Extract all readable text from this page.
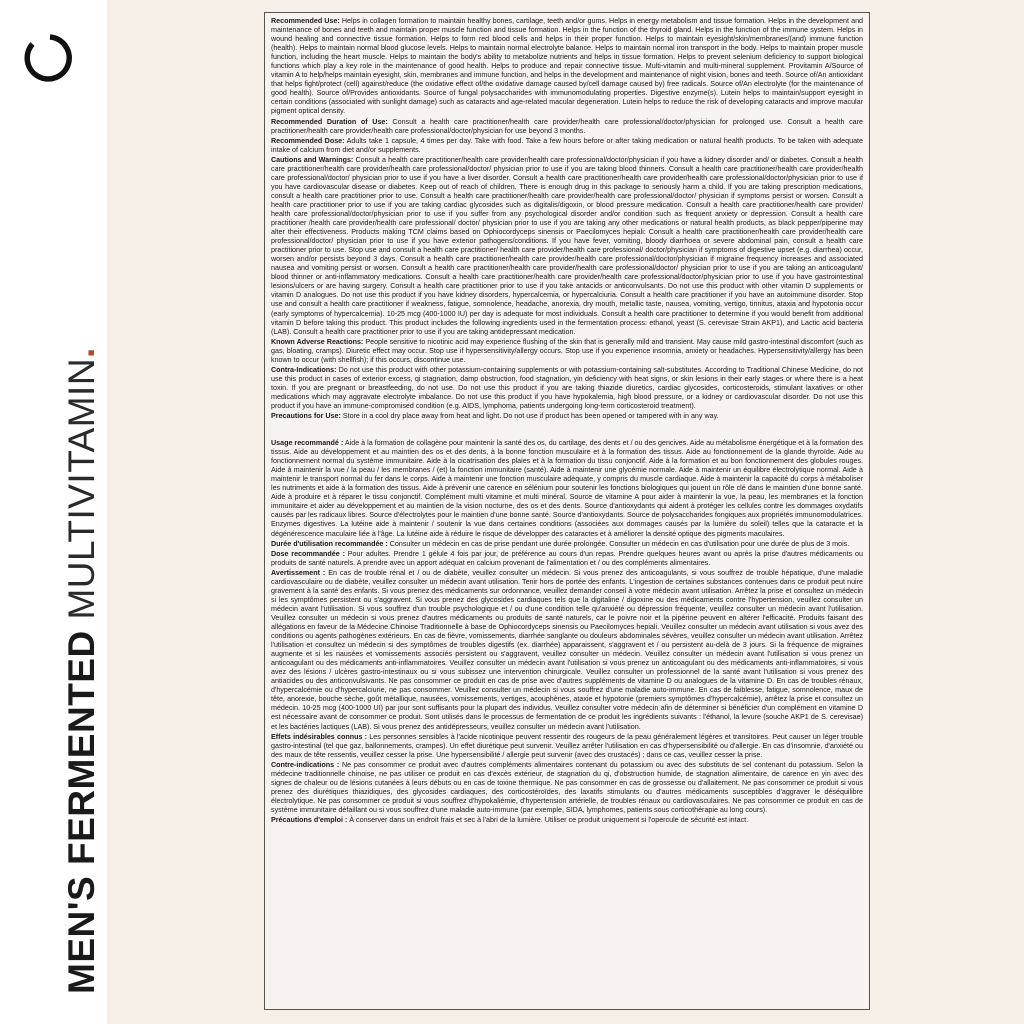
MEN'S FERMENTED MULTIVITAMIN.

Recommended Use: Helps in collagen formation to maintain healthy bones, cartilage, teeth and/or gums. Helps in energy metabolism and tissue formation. Helps in the development and maintenance of bones and teeth and maintain proper muscle function and tissue formation. Helps in the function of the thyroid gland. Helps in the function of the immune system. Helps in wound healing and connective tissue formation. Helps to form red blood cells and helps in their proper function. Helps to maintain eyesight/skin/membranes/(and) immune function (health). Helps to maintain normal blood glucose levels. Helps to maintain normal electrolyte balance. Helps to maintain normal iron transport in the body. Helps to maintain proper muscle function, including the heart muscle. Helps to maintain the body's ability to metabolize nutrients and helps in tissue formation. Helps to prevent selenium deficiency to support biological functions which play a key role in the maintenance of good health. Helps to produce and repair connective tissue. Multi-vitamin and multi-mineral supplement. Provitamin A/Source of vitamin A to help/helps maintain eyesight, skin, membranes and immune function, and helps in the development and maintenance of night vision, bones and teeth. Source of/An antioxidant that helps fight/protect (cell) against/reduce (the oxidative effect of/the oxidative damage caused by/cell damage caused by) free radicals. Source of/An electrolyte (for the maintenance of good health). Source of/Provides antioxidants. Source of fungal polysaccharides with immunomodulating properties. Digestive enzyme(s). Lutein helps to maintain/support eyesight in certain conditions (associated with sunlight damage) such as cataracts and age-related macular degeneration. Lutein helps to reduce the risk of developing cataracts and improve macular pigment optical density.

Recommended Duration of Use: Consult a health care practitioner/health care provider/health care professional/doctor/physician for prolonged use. Consult a health care practitioner/health care provider/health care professional/doctor/physician for use beyond 3 months.

Recommended Dose: Adults take 1 capsule, 4 times per day. Take with food. Take a few hours before or after taking medication or natural health products. To be taken with adequate intake of calcium from diet and/or supplements.

Cautions and Warnings: Consult a health care practitioner/health care provider/health care professional/doctor/physician if you have a kidney disorder and/ or diabetes. Consult a health care practitioner/health care provider/health care professional/doctor/ physician prior to use if you are taking blood thinners. Consult a health care practitioner/health care provider/health care professional/doctor/ physician prior to use if you have a liver disorder. Consult a health care practitioner/health care provider/health care professional/doctor/physician prior to use if you have cardiovascular disease or diabetes. Keep out of reach of children. There is enough drug in this package to seriously harm a child. If you are taking prescription medications, consult a health care practitioner prior to use. Consult a health care practitioner/health care provider/health care professional/doctor/ physician if symptoms persist or worsen. Consult a health care practitioner prior to use if you are taking cardiac glycosides such as digitalis/digoxin, or blood pressure medication. Consult a health care practitioner/health care provider/ health care professional/doctor/physician prior to use if you suffer from any psychological disorder and/or condition such as frequent anxiety or depression. Consult a health care practitioner /health care provider/health care professional/ doctor/ physician prior to use if you are taking any other medications or natural health products, as black pepper/piperine may alter their effectiveness. Products making TCM claims based on Ophiocordyceps sinensis or Paecilomyces hepiali: Consult a health care practitioner/health care provider/health care professional/doctor/ physician prior to use if you have exterior pathogens/conditions. If you have fever, vomiting, bloody diarrhoea or severe abdominal pain, consult a health care practitioner prior to use. Stop use and consult a health care practitioner/ health care provider/health care professional/ doctor/physician if symptoms of digestive upset (e.g. diarrhea) occur, worsen and/or persists beyond 3 days. Consult a health care practitioner/health care provider/health care professional/doctor/physician if migraine frequency increases and associated nausea and vomiting persist or worsen. Consult a health care practitioner/health care provider/health care professional/doctor/ physician prior to use if you are taking an anticoagulant/ blood thinner or anti-inflammatory medications. Consult a health care practitioner/health care provider/health care professional/doctor/physician prior to use if you have gastrointestinal lesions/ulcers or are having surgery. Consult a health care practitioner prior to use if you take antacids or anticonvulsants. Do not use this product with other vitamin D supplements or vitamin D analogues. Do not use this product if you have kidney disorders, hypercalcemia, or hypercalciuria. Consult a health care practitioner if you have an autoimmune disorder. Stop use and consult a health care practitioner if weakness, fatigue, somnolence, headache, anorexia, dry mouth, metallic taste, nausea, vomiting, vertigo, tinnitus, ataxia and hypotonia occur (early symptoms of hypercalcemia). 10-25 mcg (400-1000 IU) per day is adequate for most individuals. Consult a health care practitioner to determine if you would benefit from additional vitamin D before taking this product. This product includes the following ingredients used in the fermentation process: ethanol, yeast (S. cerevisae Strain AKP1), and Lactic acid bacteria (LAB). Consult a health care practitioner prior to use if you are taking antidepressant medication.

Known Adverse Reactions: People sensitive to nicotinic acid may experience flushing of the skin that is generally mild and transient. May cause mild gastro-intestinal discomfort (such as gas, bloating, cramps). Diuretic effect may occur. Stop use if hypersensitivity/allergy occurs. Stop use if you experience insomnia, anxiety or headaches. Hypersensitivity/allergy has been known to occur (with shellfish); if this occurs, discontinue use.

Contra-Indications: Do not use this product with other potassium-containing supplements or with potassium-containing salt-substitutes. According to Traditional Chinese Medicine, do not use this product in cases of exterior excess, qi stagnation, damp obstruction, food stagnation, yin deficiency with heat signs, or skin lesions in their early stages or where there is a heat toxin. If you are pregnant or breastfeeding, do not use. Do not use this product if you are taking thiazide diuretics, cardiac glycosides, corticosteroids, stimulant laxatives or other medications which may aggravate electrolyte imbalance. Do not use this product if you have hypokalemia, high blood pressure, or a kidney or cardiovascular disorder. Do not use this product if you have an immune-compromised condition (e.g. AIDS, lymphoma, patients undergoing long-term corticosteroid treatment).

Precautions for Use: Store in a cool dry place away from heat and light. Do not use if product has been opened or tampered with in any way.

Usage recommandé : Aide à la formation de collagène pour maintenir la santé des os, du cartilage, des dents et / ou des gencives. Aide au métabolisme énergétique et à la formation des tissus. Aide au développement et au maintien des os et des dents, à la bonne fonction musculaire et à la formation des tissus. Aide au fonctionnement de la glande thyroïde. Aide au fonctionnement normal du système immunitaire. Aide à la cicatrisation des plaies et à la formation du tissu conjonctif. Aide à la formation et au bon fonctionnement des globules rouges. Aide à maintenir la vue / la peau / les membranes / (et) la fonction immunitaire (santé). Aide à maintenir une glycémie normale. Aide à maintenir un équilibre électrolytique normal. Aide à maintenir le transport normal du fer dans le corps. Aide à maintenir une fonction musculaire adéquate, y compris du muscle cardiaque. Aide à maintenir la capacité du corps à métaboliser les nutriments et aide à la formation des tissus. Aide à prévenir une carence en sélénium pour soutenir les fonctions biologiques qui jouent un rôle clé dans le maintien d'une bonne santé. Aide à produire et à réparer le tissu conjonctif. Complément multi vitamine et multi minéral. Source de vitamine A pour aider à maintenir la vue, la peau, les membranes et la fonction immunitaire et aider au développement et au maintien de la vision nocturne, des os et des dents. Source d'antioxydants qui aident à protéger les cellules contre les dommages oxydatifs causés par les radicaux libres. Source d'électrolytes pour le maintien d'une bonne santé. Source d'antioxydants. Source de polysaccharides fongiques aux propriétés immunomodulatrices. Enzymes digestives. La lutéine aide à maintenir / soutenir la vue dans certaines conditions (associées aux dommages causés par la lumière du soleil) telles que la cataracte et la dégénérescence maculaire liée à l'âge. La lutéine aide à réduire le risque de développer des cataractes et à améliorer la densité optique des pigments maculaires.

Durée d'utilisation recommandée : Consulter un médecin en cas de prise pendant une durée prolongée. Consulter un médecin en cas d'utilisation pour une durée de plus de 3 mois.

Dose recommandée : Pour adultes. Prendre 1 gélule 4 fois par jour, de préférence au cours d'un repas. Prendre quelques heures avant ou après la prise d'autres médicaments ou produits de santé naturels. A prendre avec un apport adéquat en calcium provenant de l'alimentation et / ou des compléments alimentaires.

Avertissement : En cas de trouble rénal et / ou de diabète, veuillez consulter un médecin. Si vous prenez des anticoagulants, si vous souffrez de trouble hépatique, d'une maladie cardiovasculaire ou de diabète, veuillez consulter un médecin avant utilisation. Tenir hors de portée des enfants. L'ingestion de certaines substances contenues dans ce produit peut nuire gravement à la santé des enfants. Si vous prenez des médicaments sur ordonnance, veuillez demander conseil à votre médecin avant utilisation. Arrêtez la prise et consultez un médecin si les symptômes persistent ou s'aggravent. Si vous prenez des glycosides cardiaques tels que la digitaline / digoxine ou des médicaments contre l'hypertension, veuillez consulter un médecin avant l'utilisation. Si vous souffrez d'un trouble psychologique et / ou d'une condition telle qu'anxiété ou dépression fréquente, veuillez consulter un médecin avant l'utilisation. Veuillez consulter un médecin si vous prenez d'autres médicaments ou produits de santé naturels, car le poivre noir et la pipérine peuvent en altérer l'efficacité. Produits faisant des allégations en faveur de la Médecine Chinoise Traditionnelle à base de Ophiocordyceps sinensis ou Paecilomyces hepiali. Veuillez consulter un médecin avant utilisation si vous avez des conditions ou agents pathogènes extérieurs. En cas de fièvre, vomissements, diarrhée sanglante ou douleurs abdominales sévères, veuillez consulter un médecin avant utilisation. Arrêtez l'utilisation et consultez un médecin si des symptômes de troubles digestifs (ex. diarrhée) apparaissent, s'aggravent et / ou persistent au-delà de 3 jours. Si la fréquence de migraines augmente et si les nausées et vomissements associés persistent ou s'aggravent, veuillez consulter un médecin. Veuillez consulter un médecin avant l'utilisation si vous prenez un anticoagulant ou des médicaments anti-inflammatoires. Veuillez consulter un médecin avant l'utilisation si vous prenez un anticoagulant ou des médicaments anti-inflammatoires, si vous avez des lésions / ulcères gastro-intestinaux ou si vous subissez une intervention chirurgicale. Veuillez consulter un professionnel de la santé avant l'utilisation si vous prenez des antiacides ou des anticonvulsivants. Ne pas consommer ce produit en cas de prise avec d'autres suppléments de vitamine D ou analogues de la vitamine D. En cas de troubles rénaux, d'hypercalcémie ou d'hypercalciurie, ne pas consommer. Veuillez consulter un médecin si vous souffrez d'une maladie auto-immune. En cas de faiblesse, fatigue, somnolence, maux de tête, anorexie, bouche sèche, goût métallique, nausées, vomissements, vertiges, acouphènes, ataxie et hypotonie (premiers symptômes d'hypercalcémie), arrêtez la prise et consultez un médecin. 10-25 mcg (400-1000 UI) par jour sont suffisants pour la plupart des individus. Veuillez consulter votre médecin afin de déterminer si bénéficier d'un complément en vitamine D est nécessaire avant de consommer ce produit. Sont utilisés dans le processus de fermentation de ce produit les ingrédients suivants : l'éthanol, la levure (souche AKP1 de S. cerevisae) et les bactéries lactiques (LAB). Si vous prenez des antidépresseurs, veuillez consulter un médecin avant l'utilisation.

Effets indésirables connus : Les personnes sensibles à l'acide nicotinique peuvent ressentir des rougeurs de la peau généralement légères et transitoires. Peut causer un léger trouble gastro-intestinal (tel que gaz, ballonnements, crampes). Un effet diurétique peut survenir. Veuillez arrêter l'utilisation en cas d'hypersensibilité ou d'allergie. En cas d'insomnie, d'anxiété ou des maux de tête ressentis, veuillez cesser la prise. Une hypersensibilité / allergie peut survenir (avec des crustacés) ; dans ce cas, veuillez cesser la prise.

Contre-indications : Ne pas consommer ce produit avec d'autres compléments alimentaires contenant du potassium ou avec des substituts de sel contenant du potassium. Selon la médecine traditionnelle chinoise, ne pas utiliser ce produit en cas d'excès extérieur, de stagnation du qi, d'obstruction humide, de stagnation alimentaire, de carence en yin avec des signes de chaleur ou de lésions cutanées à leurs débuts ou en cas de toxine thermique. Ne pas consommer en cas de grossesse ou d'allaitement. Ne pas consommer ce produit si vous prenez des diurétiques thiazidiques, des glycosides cardiaques, des corticostéroïdes, des laxatifs stimulants ou d'autres médicaments susceptibles d'aggraver le déséquilibre électrolytique. Ne pas consommer ce produit si vous souffrez d'hypokaliémie, d'hypertension artérielle, de troubles rénaux ou cardiovasculaires. Ne pas consommer ce produit en cas de système immunitaire défaillant ou si vous souffrez d'une maladie auto-immune (par exemple, SIDA, lymphomes, patients sous corticothérapie au long cours).

Précautions d'emploi : À conserver dans un endroit frais et sec à l'abri de la lumière. Utiliser ce produit uniquement si l'opercule de sécurité est intact.
